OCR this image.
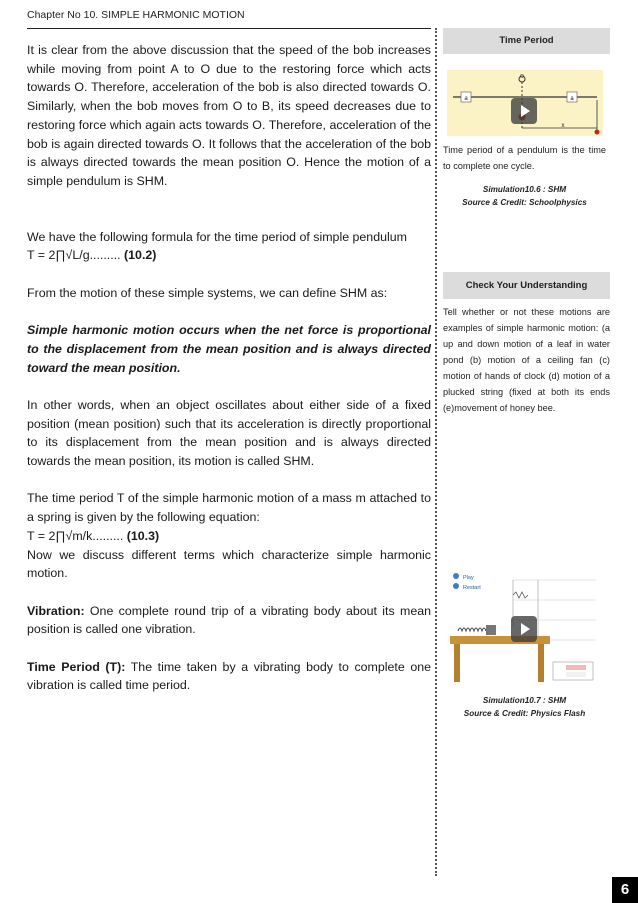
Chapter No 10. SIMPLE HARMONIC MOTION

It is clear from the above discussion that the speed of the bob increases while moving from point A to O due to the restoring force which acts towards O. Therefore, acceleration of the bob is also directed towards O. Similarly, when the bob moves from O to B, its speed decreases due to restoring force which again acts towards O. Therefore, acceleration of the bob is again directed towards O. It follows that the acceleration of the bob is always directed towards the mean position O. Hence the motion of a simple pendulum is SHM.

We have the following formula for the time period of simple pendulum

T = 2∏√L/g......... (10.2)

From the motion of these simple systems, we can define SHM as:

Simple harmonic motion occurs when the net force is proportional to the displacement from the mean position and is always directed toward the mean position.

In other words, when an object oscillates about either side of a fixed position (mean position) such that its acceleration is directly proportional to its displacement from the mean position and is always directed towards the mean position, its motion is called SHM.

The time period T of the simple harmonic motion of a mass m attached to a spring is given by the following equation:

T = 2∏√m/k......... (10.3)

Now we discuss different terms which characterize simple harmonic motion.

Vibration: One complete round trip of a vibrating body about its mean position is called one vibration.

Time Period (T): The time taken by a vibrating body to complete one vibration is called time period.

Time Period
a	a
O
x

Time period of a pendulum is the time to complete one cycle.

Simulation10.6 : SHM
Source & Credit: Schoolphysics
Check Your Understanding

Tell whether or not these motions are examples of simple harmonic motion: (a up and down motion of a leaf in water pond (b) motion of a ceiling fan (c) motion of hands of clock (d) motion of a plucked string (fixed at both its ends (e)movement of honey bee.

Play
Restart
Simulation10.7 : SHM
Source & Credit: Physics Flash
6
